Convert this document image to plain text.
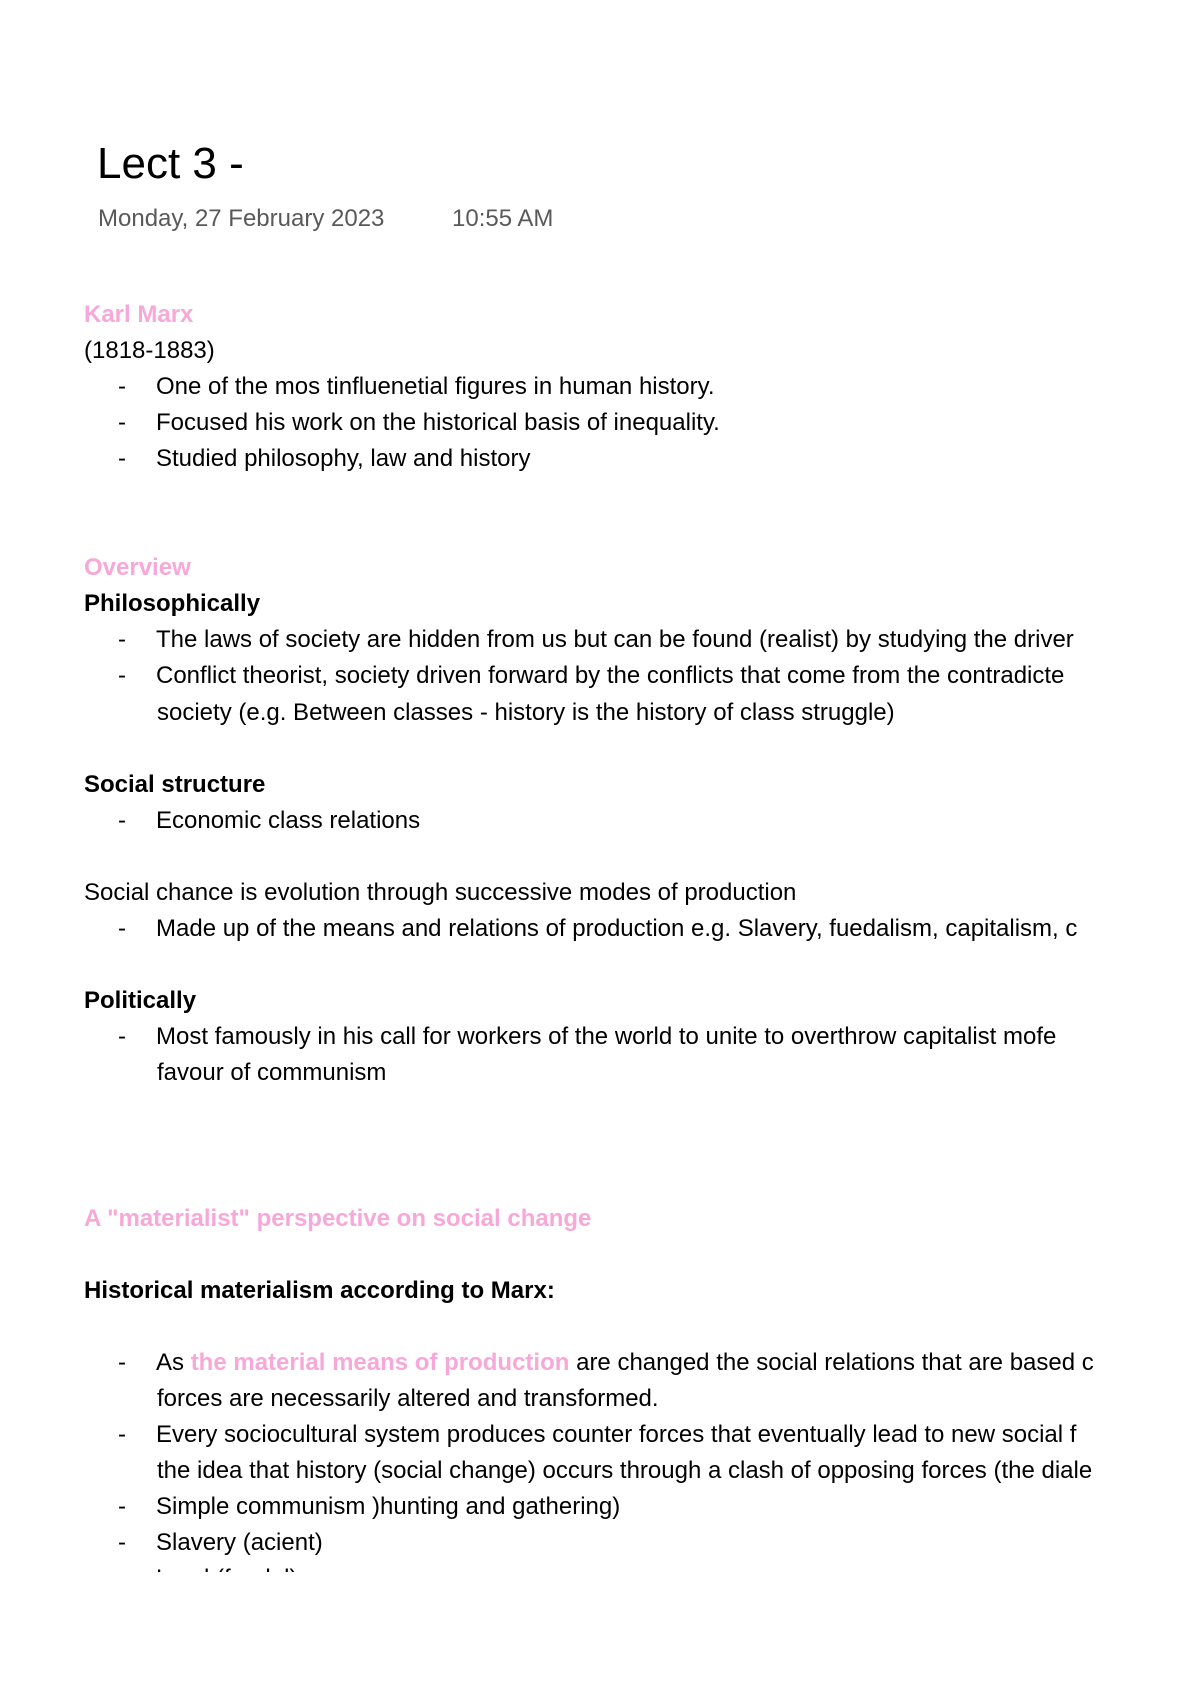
Lect 3 -
Monday, 27 February 2023	10:55 AM
Karl Marx
(1818-1883)
- One of the mos tinfluenetial figures in human history.
- Focused his work on the historical basis of inequality.
- Studied philosophy, law and history
Overview
Philosophically
- The laws of society are hidden from us but can be found (realist) by studying the driver
- Conflict theorist, society driven forward by the conflicts that come from the contradicte
society (e.g. Between classes - history is the history of class struggle)
Social structure
- Economic class relations
Social chance is evolution through successive modes of production
- Made up of the means and relations of production e.g. Slavery, fuedalism, capitalism, c
Politically
- Most famously in his call for workers of the world to unite to overthrow capitalist mofe
favour of communism
A "materialist" perspective on social change
Historical materialism according to Marx:
- As the material means of production are changed the social relations that are based c
forces are necessarily altered and transformed.
- Every sociocultural system produces counter forces that eventually lead to new social f
the idea that history (social change) occurs through a clash of opposing forces (the diale
- Simple communism )hunting and gathering)
- Slavery (acient)
